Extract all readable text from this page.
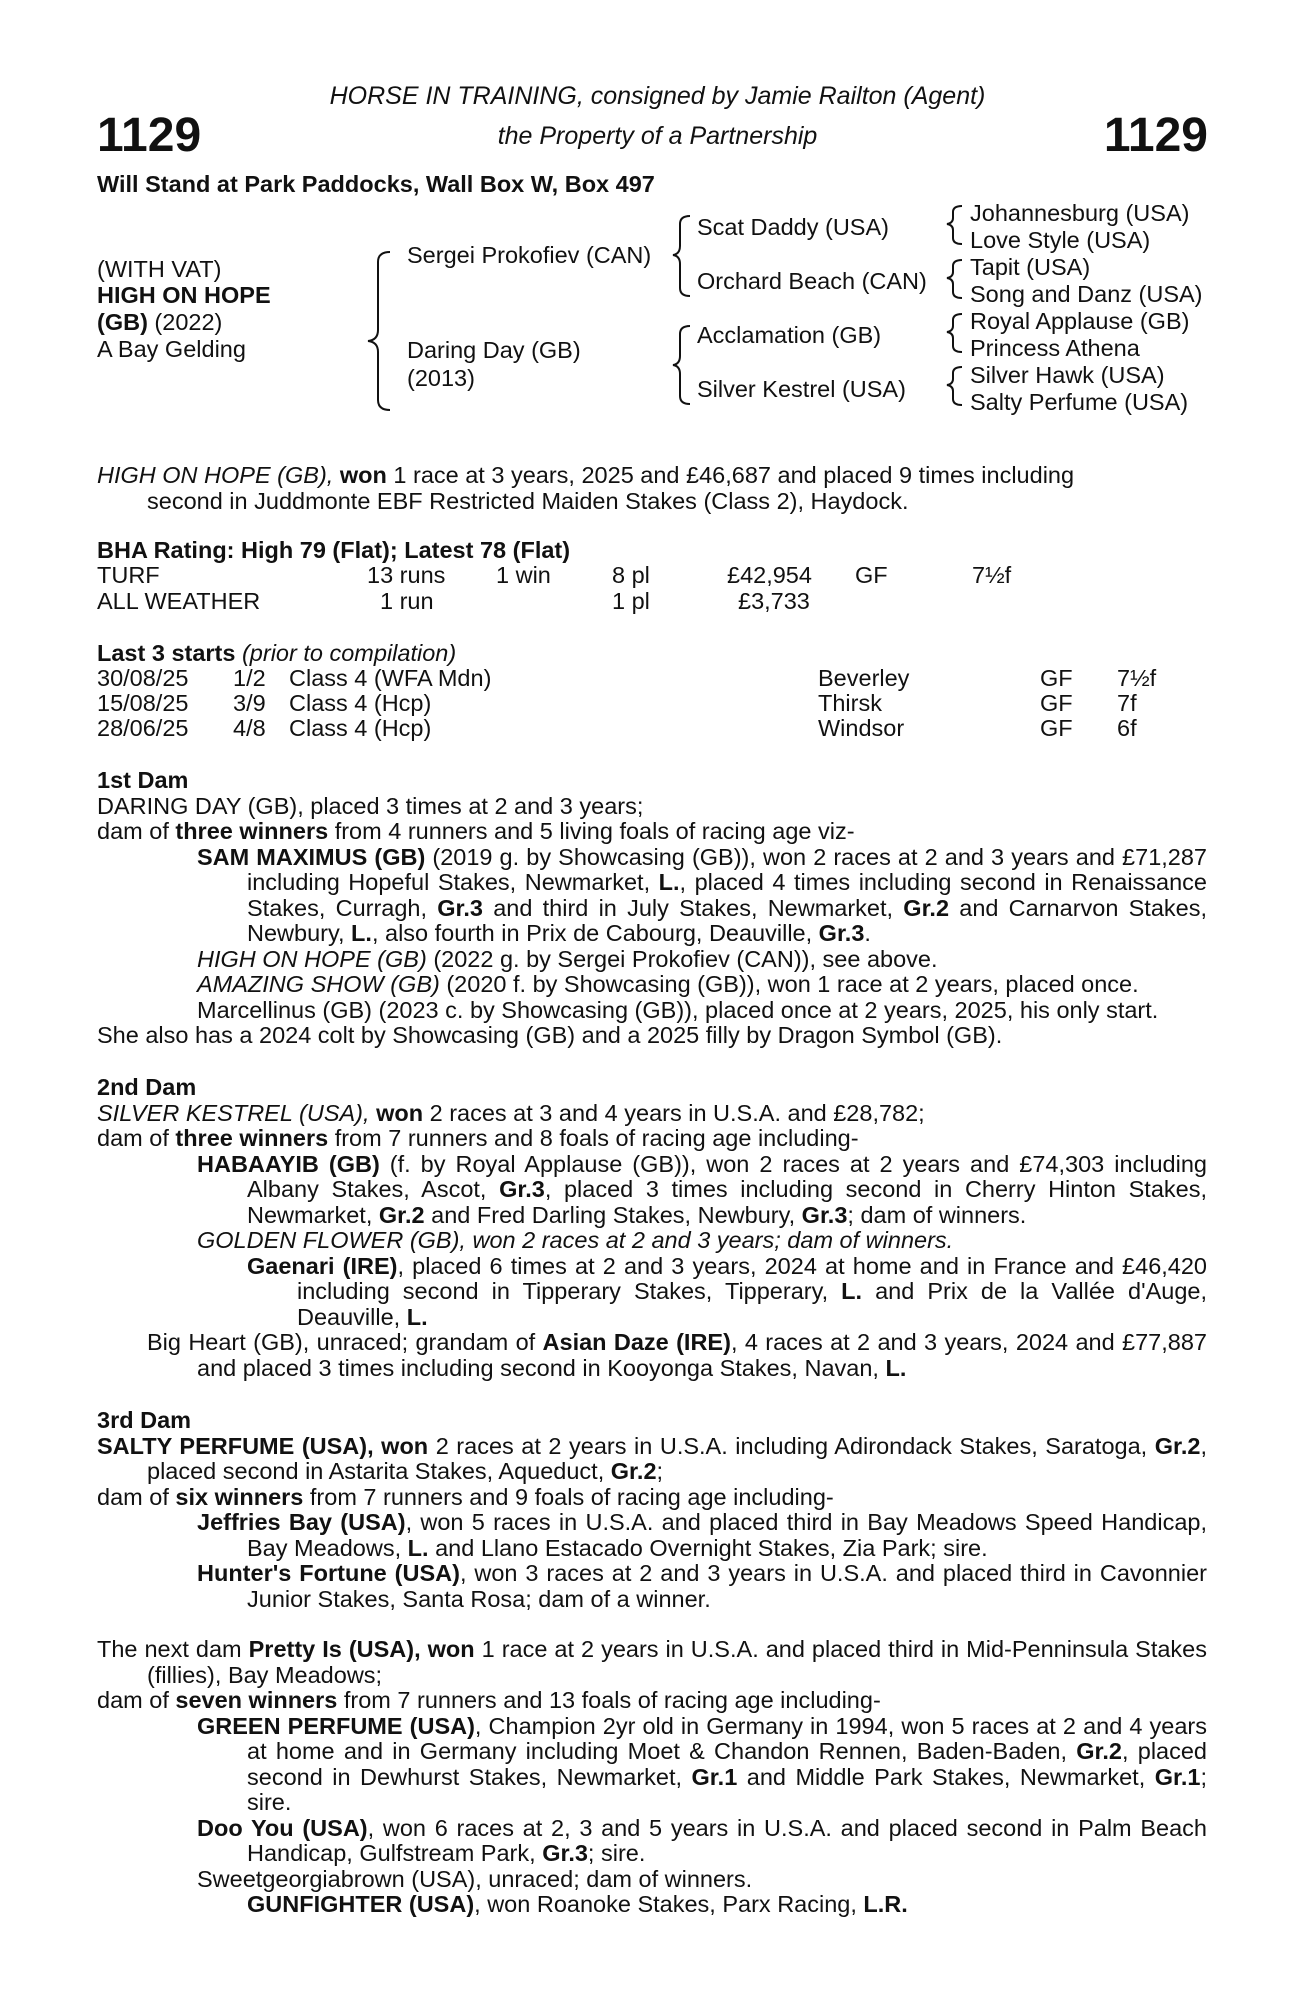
1129	1129
HORSE IN TRAINING, consigned by Jamie Railton (Agent)
the Property of a Partnership
Will Stand at Park Paddocks, Wall Box W, Box 497
(WITH VAT)
HIGH ON HOPE
(GB) (2022)
A Bay Gelding
Sergei Prokofiev (CAN)
Daring Day (GB)
(2013)
Scat Daddy (USA)
Orchard Beach (CAN)
Acclamation (GB)
Silver Kestrel (USA)
Johannesburg (USA)
Love Style (USA)
Tapit (USA)
Song and Danz (USA)
Royal Applause (GB)
Princess Athena
Silver Hawk (USA)
Salty Perfume (USA)

HIGH ON HOPE (GB), won 1 race at 3 years, 2025 and £46,687 and placed 9 times including

second in Juddmonte EBF Restricted Maiden Stakes (Class 2), Haydock.

BHA Rating: High 79 (Flat); Latest 78 (Flat)
TURF	13 runs 1 win	8 pl	£42,954 GF	7½f
ALL WEATHER	1 run	1 pl	£3,733
Last 3 starts (prior to compilation)
30/08/25 1/2 Class 4 (WFA Mdn)	Beverley	GF 7½f
15/08/25 3/9 Class 4 (Hcp)	Thirsk	GF 7f
28/06/25 4/8 Class 4 (Hcp)	Windsor	GF 6f

1st Dam

DARING DAY (GB), placed 3 times at 2 and 3 years;

dam of three winners from 4 runners and 5 living foals of racing age viz-

SAM MAXIMUS (GB) (2019 g. by Showcasing (GB)), won 2 races at 2 and 3 years and £71,287 including Hopeful Stakes, Newmarket, L., placed 4 times including second in Renaissance Stakes, Curragh, Gr.3 and third in July Stakes, Newmarket, Gr.2 and Carnarvon Stakes, Newbury, L., also fourth in Prix de Cabourg, Deauville, Gr.3.

HIGH ON HOPE (GB) (2022 g. by Sergei Prokofiev (CAN)), see above.

AMAZING SHOW (GB) (2020 f. by Showcasing (GB)), won 1 race at 2 years, placed once.

Marcellinus (GB) (2023 c. by Showcasing (GB)), placed once at 2 years, 2025, his only start.

She also has a 2024 colt by Showcasing (GB) and a 2025 filly by Dragon Symbol (GB).

2nd Dam

SILVER KESTREL (USA), won 2 races at 3 and 4 years in U.S.A. and £28,782;

dam of three winners from 7 runners and 8 foals of racing age including-

HABAAYIB (GB) (f. by Royal Applause (GB)), won 2 races at 2 years and £74,303 including Albany Stakes, Ascot, Gr.3, placed 3 times including second in Cherry Hinton Stakes, Newmarket, Gr.2 and Fred Darling Stakes, Newbury, Gr.3; dam of winners.

GOLDEN FLOWER (GB), won 2 races at 2 and 3 years; dam of winners.

Gaenari (IRE), placed 6 times at 2 and 3 years, 2024 at home and in France and £46,420 including second in Tipperary Stakes, Tipperary, L. and Prix de la Vallée d'Auge, Deauville, L.

Big Heart (GB), unraced; grandam of Asian Daze (IRE), 4 races at 2 and 3 years, 2024 and £77,887 and placed 3 times including second in Kooyonga Stakes, Navan, L.

3rd Dam

SALTY PERFUME (USA), won 2 races at 2 years in U.S.A. including Adirondack Stakes, Saratoga, Gr.2, placed second in Astarita Stakes, Aqueduct, Gr.2;

dam of six winners from 7 runners and 9 foals of racing age including-

Jeffries Bay (USA), won 5 races in U.S.A. and placed third in Bay Meadows Speed Handicap, Bay Meadows, L. and Llano Estacado Overnight Stakes, Zia Park; sire.

Hunter's Fortune (USA), won 3 races at 2 and 3 years in U.S.A. and placed third in Cavonnier Junior Stakes, Santa Rosa; dam of a winner.

The next dam Pretty Is (USA), won 1 race at 2 years in U.S.A. and placed third in Mid-Penninsula Stakes (fillies), Bay Meadows;

dam of seven winners from 7 runners and 13 foals of racing age including-

GREEN PERFUME (USA), Champion 2yr old in Germany in 1994, won 5 races at 2 and 4 years at home and in Germany including Moet & Chandon Rennen, Baden-Baden, Gr.2, placed second in Dewhurst Stakes, Newmarket, Gr.1 and Middle Park Stakes, Newmarket, Gr.1; sire.

Doo You (USA), won 6 races at 2, 3 and 5 years in U.S.A. and placed second in Palm Beach Handicap, Gulfstream Park, Gr.3; sire.

Sweetgeorgiabrown (USA), unraced; dam of winners.

GUNFIGHTER (USA), won Roanoke Stakes, Parx Racing, L.R.
